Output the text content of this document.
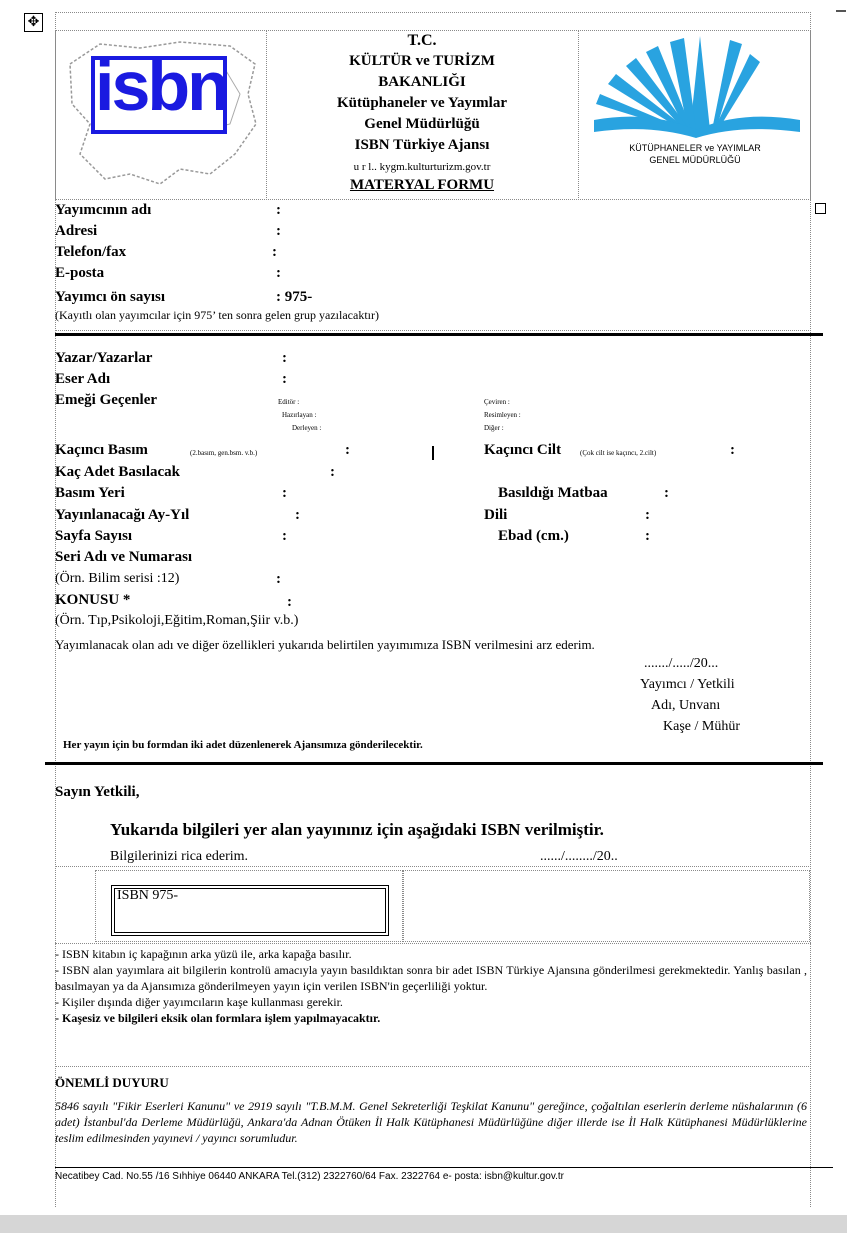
✥
isbn
T.C.
KÜLTÜR ve TURİZM
BAKANLIĞI
Kütüphaneler ve Yayımlar
Genel Müdürlüğü
ISBN Türkiye Ajansı
u r l.. kygm.kulturturizm.gov.tr
MATERYAL FORMU
KÜTÜPHANELER ve YAYIMLAR
GENEL MÜDÜRLÜĞÜ
Yayımcının adı	:
Adresi	:
Telefon/fax	:
E-posta	:
Yayımcı ön sayısı	: 975-
(Kayıtlı olan yayımcılar için 975’ ten sonra gelen grup yazılacaktır)
Yazar/Yazarlar	:
Eser Adı	:
Emeği Geçenler	Editör :
Hazırlayan :
Derleyen :
Çeviren :
Resimleyen :
Diğer :
Kaçıncı Basım	(2.basım, gen.bsm. v.b.)	:	Kaçıncı Cilt	(Çok cilt ise kaçıncı, 2.cilt)	:
Kaç Adet Basılacak	:
Basım Yeri	:	Basıldığı Matbaa	:
Yayınlanacağı Ay-Yıl	:	Dili	:
Sayfa Sayısı	:	Ebad (cm.)	:
Seri Adı ve Numarası
(Örn. Bilim serisi :12)	:
KONUSU *	:
(Örn. Tıp,Psikoloji,Eğitim,Roman,Şiir v.b.)
Yayımlanacak olan adı ve diğer özellikleri yukarıda belirtilen yayımımıza ISBN verilmesini arz ederim.
......./...../20...
Yayımcı / Yetkili
Adı, Unvanı
Kaşe / Mühür
Her yayın için bu formdan iki adet düzenlenerek Ajansımıza gönderilecektir.
Sayın Yetkili,
Yukarıda bilgileri yer alan yayınınız için aşağıdaki ISBN verilmiştir.
Bilgilerinizi rica ederim.	....../......../20..
ISBN 975-
- ISBN kitabın iç kapağının arka yüzü ile, arka kapağa basılır.
- ISBN alan yayımlara ait bilgilerin kontrolü amacıyla yayın basıldıktan sonra bir adet ISBN Türkiye Ajansına gönderilmesi gerekmektedir. Yanlış basılan , basılmayan ya da Ajansımıza gönderilmeyen yayın için verilen ISBN'in geçerliliği yoktur.
- Kişiler dışında diğer yayımcıların kaşe kullanması gerekir.
- Kaşesiz ve bilgileri eksik olan formlara işlem yapılmayacaktır.
ÖNEMLİ DUYURU
5846 sayılı "Fikir Eserleri Kanunu" ve 2919 sayılı "T.B.M.M. Genel Sekreterliği Teşkilat Kanunu" gereğince, çoğaltılan eserlerin derleme nüshalarının (6 adet) İstanbul'da Derleme Müdürlüğü, Ankara'da Adnan Ötüken İl Halk Kütüphanesi Müdürlüğüne diğer illerde ise İl Halk Kütüphanesi Müdürlüklerine teslim edilmesinden yayınevi / yayıncı sorumludur.
Necatibey Cad. No.55 /16 Sıhhiye 06440 ANKARA Tel.(312) 2322760/64 Fax. 2322764 e- posta: isbn@kultur.gov.tr
